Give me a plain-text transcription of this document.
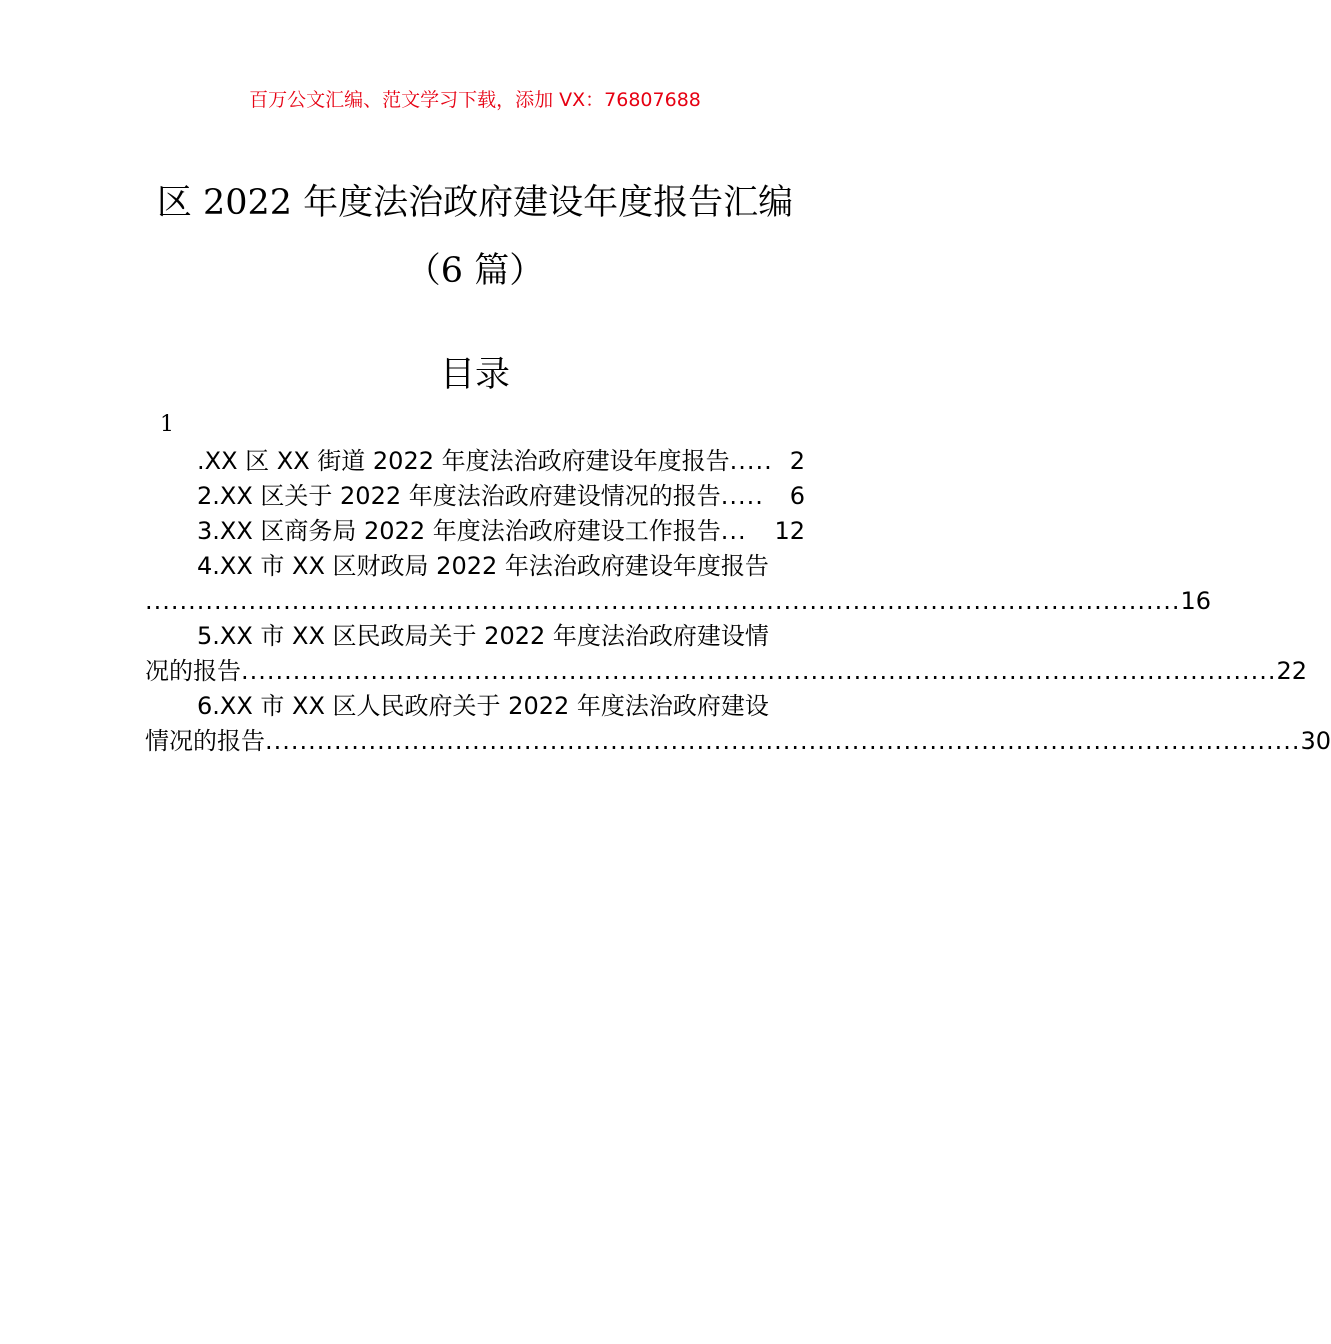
百万公文汇编、范文学习下载，添加 VX：76807688
区 2022 年度法治政府建设年度报告汇编
（6 篇）
目录
1
.XX 区 XX 街道 2022 年度法治政府建设年度报告 ..... 2
2.XX 区关于 2022 年度法治政府建设情况的报告 .....	6
3.XX 区商务局 2022 年度法治政府建设工作报告 ...	12
4.XX 市 XX 区财政局 2022 年法治政府建设年度报告
........................................................................................................................ 16
5.XX 市 XX 区民政局关于 2022 年度法治政府建设情
况的报告 ........................................................................................................................ 22
6.XX 市 XX 区人民政府关于 2022 年度法治政府建设
情况的报告 ........................................................................................................................ 30
